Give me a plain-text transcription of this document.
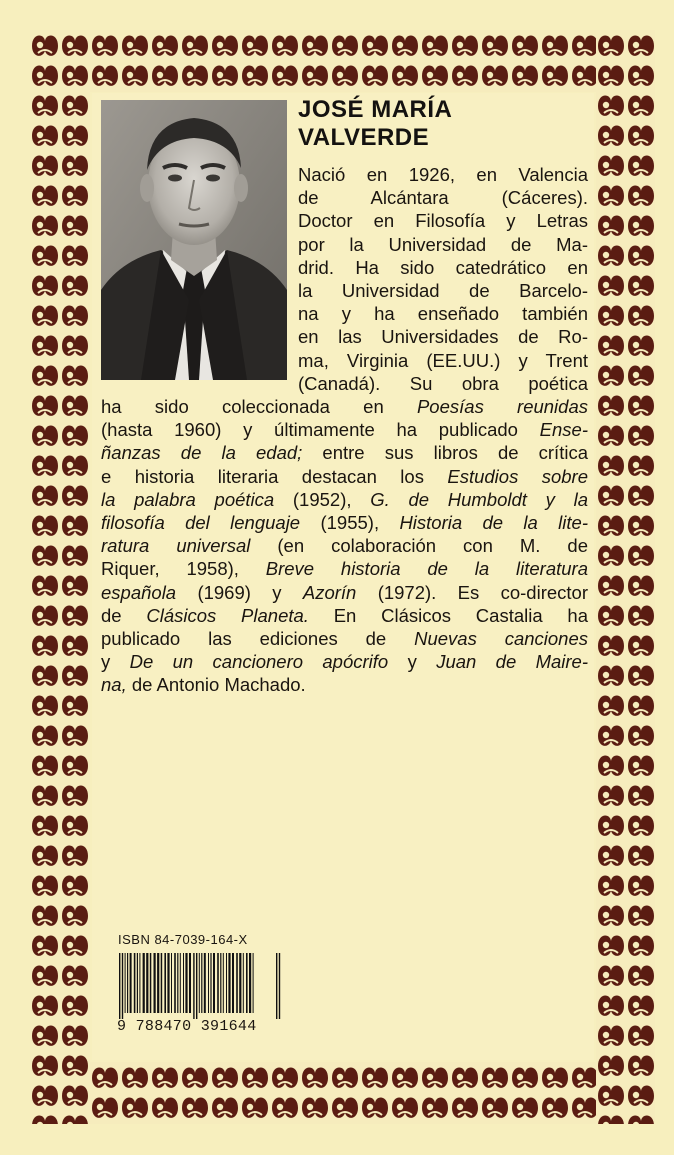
JOSÉ MARÍA
VALVERDE
Nació en 1926, en Valencia
de Alcántara (Cáceres).
Doctor en Filosofía y Letras
por la Universidad de Ma-
drid. Ha sido catedrático en
la Universidad de Barcelo-
na y ha enseñado también
en las Universidades de Ro-
ma, Virginia (EE.UU.) y Trent
(Canadá). Su obra poética
ha sido coleccionada en Poesías reunidas
(hasta 1960) y últimamente ha publicado Ense-
ñanzas de la edad; entre sus libros de crítica
e historia literaria destacan los Estudios sobre
la palabra poética (1952), G. de Humboldt y la
filosofía del lenguaje (1955), Historia de la lite-
ratura universal (en colaboración con M. de
Riquer, 1958), Breve historia de la literatura
española (1969) y Azorín (1972). Es co-director
de Clásicos Planeta. En Clásicos Castalia ha
publicado las ediciones de Nuevas canciones
y De un cancionero apócrifo y Juan de Maire-
na, de Antonio Machado.
ISBN 84-7039-164-X
9 788470 391644
